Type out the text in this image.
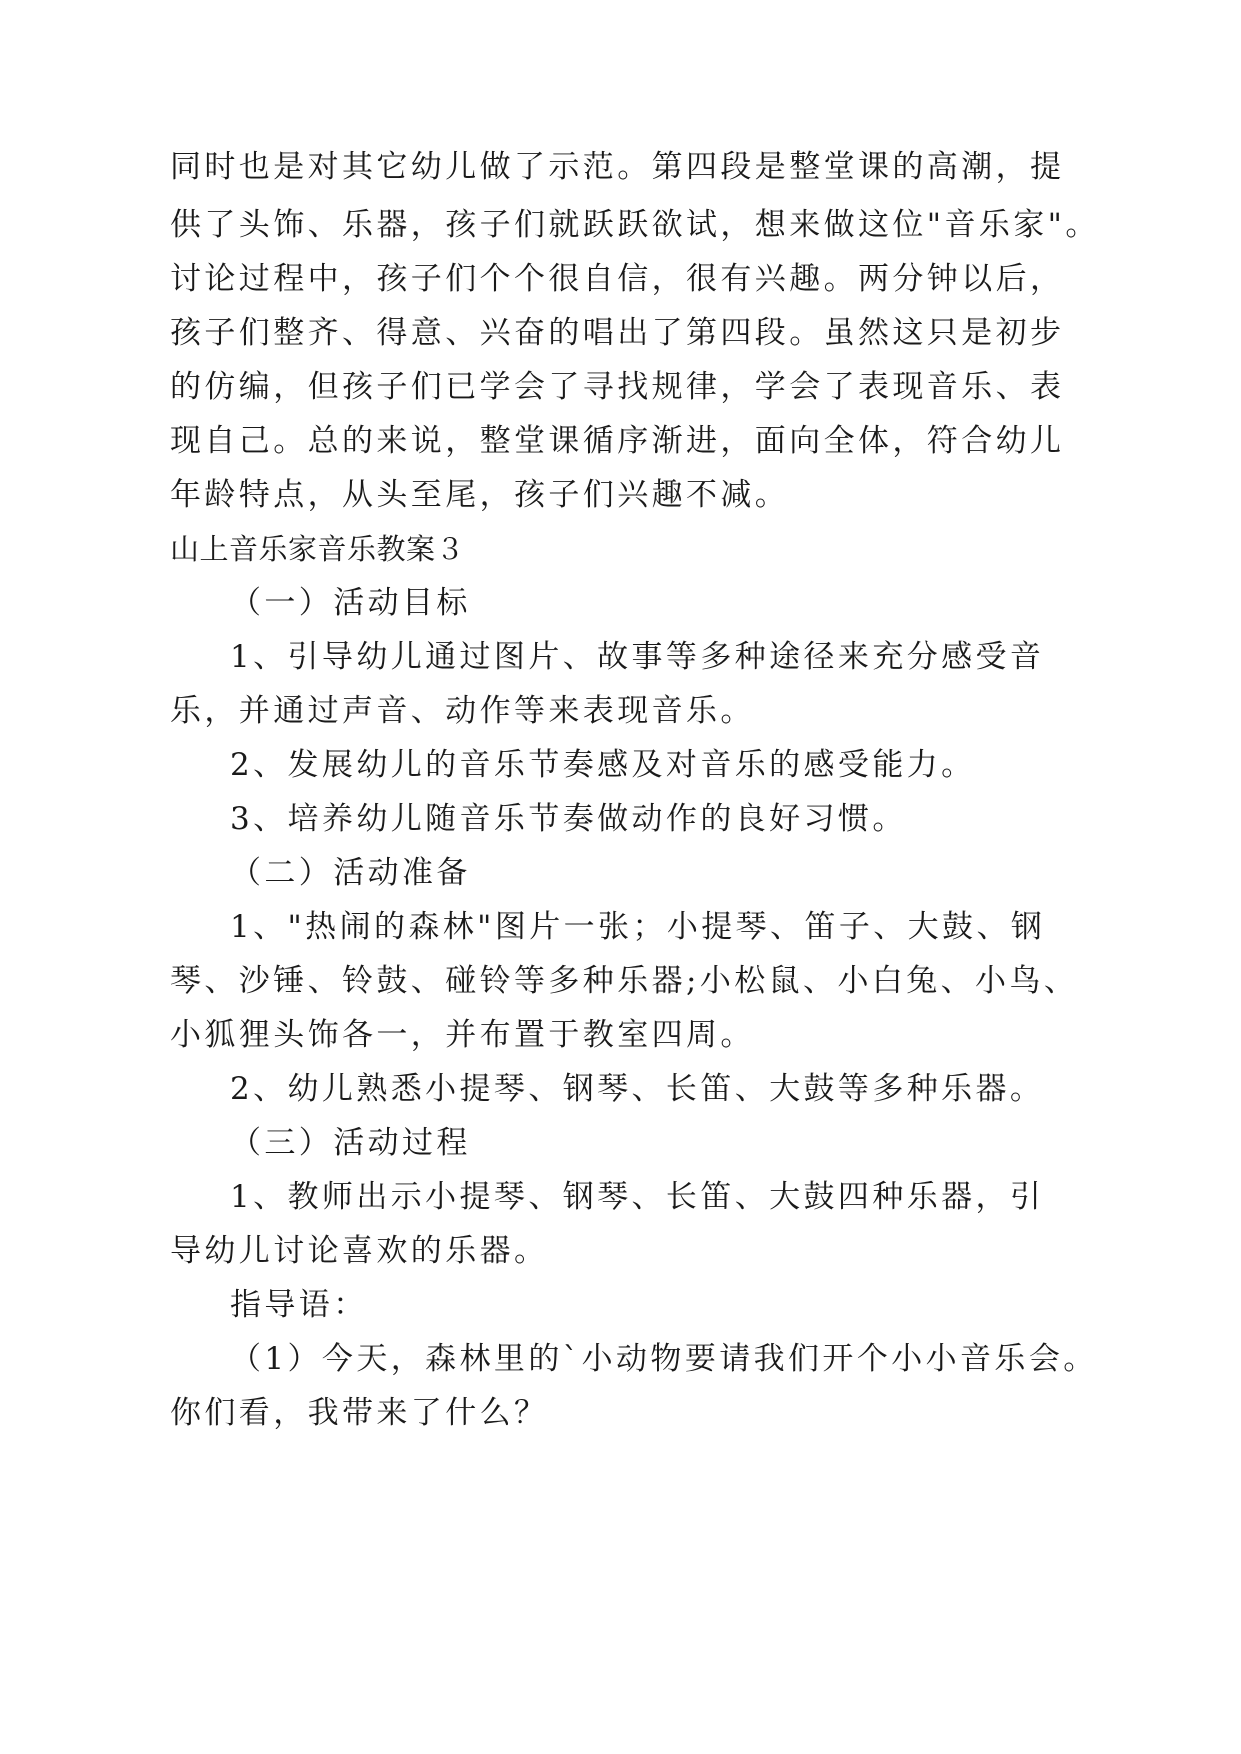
同时也是对其它幼儿做了示范。第四段是整堂课的高潮，提
供了头饰、乐器，孩子们就跃跃欲试，想来做这位"音乐家"。
讨论过程中，孩子们个个很自信，很有兴趣。两分钟以后，
孩子们整齐、得意、兴奋的唱出了第四段。虽然这只是初步
的仿编，但孩子们已学会了寻找规律，学会了表现音乐、表
现自己。总的来说，整堂课循序渐进，面向全体，符合幼儿
年龄特点，从头至尾，孩子们兴趣不减。
山上音乐家音乐教案３
（一）活动目标
1、引导幼儿通过图片、故事等多种途径来充分感受音
乐，并通过声音、动作等来表现音乐。
2、发展幼儿的音乐节奏感及对音乐的感受能力。
3、培养幼儿随音乐节奏做动作的良好习惯。
（二）活动准备
1、"热闹的森林"图片一张；小提琴、笛子、大鼓、钢
琴、沙锤、铃鼓、碰铃等多种乐器;小松鼠、小白兔、小鸟、
小狐狸头饰各一，并布置于教室四周。
2、幼儿熟悉小提琴、钢琴、长笛、大鼓等多种乐器。
（三）活动过程
1、教师出示小提琴、钢琴、长笛、大鼓四种乐器，引
导幼儿讨论喜欢的乐器。
指导语：
（1）今天，森林里的`小动物要请我们开个小小音乐会。
你们看，我带来了什么？
